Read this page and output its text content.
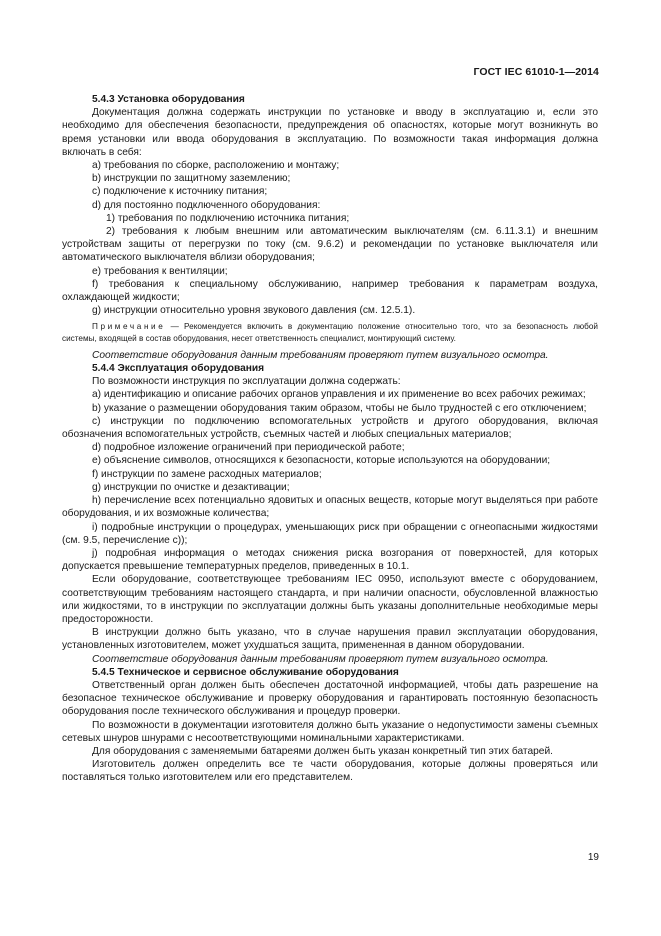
ГОСТ IEC 61010-1—2014

5.4.3 Установка оборудования

Документация должна содержать инструкции по установке и вводу в эксплуатацию и, если это необходимо для обеспечения безопасности, предупреждения об опасностях, которые могут возникнуть во время установки или ввода оборудования в эксплуатацию. По возможности такая информация должна включать в себя:

a) требования по сборке, расположению и монтажу;

b) инструкции по защитному заземлению;

c) подключение к источнику питания;

d) для постоянно подключенного оборудования:

1) требования по подключению источника питания;

2) требования к любым внешним или автоматическим выключателям (см. 6.11.3.1) и внешним устройствам защиты от перегрузки по току (см. 9.6.2) и рекомендации по установке выключателя или автоматического выключателя вблизи оборудования;

e) требования к вентиляции;

f) требования к специальному обслуживанию, например требования к параметрам воздуха, охлаждающей жидкости;

g) инструкции относительно уровня звукового давления (см. 12.5.1).

Примечание — Рекомендуется включить в документацию положение относительно того, что за безопасность любой системы, входящей в состав оборудования, несет ответственность специалист, монтирующий систему.

Соответствие оборудования данным требованиям проверяют путем визуального осмотра.

5.4.4 Эксплуатация оборудования

По возможности инструкция по эксплуатации должна содержать:

a) идентификацию и описание рабочих органов управления и их применение во всех рабочих режимах;

b) указание о размещении оборудования таким образом, чтобы не было трудностей с его отключением;

c) инструкции по подключению вспомогательных устройств и другого оборудования, включая обозначения вспомогательных устройств, съемных частей и любых специальных материалов;

d) подробное изложение ограничений при периодической работе;

e) объяснение символов, относящихся к безопасности, которые используются на оборудовании;

f) инструкции по замене расходных материалов;

g) инструкции по очистке и дезактивации;

h) перечисление всех потенциально ядовитых и опасных веществ, которые могут выделяться при работе оборудования, и их возможные количества;

i) подробные инструкции о процедурах, уменьшающих риск при обращении с огнеопасными жидкостями (см. 9.5, перечисление с));

j) подробная информация о методах снижения риска возгорания от поверхностей, для которых допускается превышение температурных пределов, приведенных в 10.1.

Если оборудование, соответствующее требованиям IEC 0950, используют вместе с оборудованием, соответствующим требованиям настоящего стандарта, и при наличии опасности, обусловленной влажностью или жидкостями, то в инструкции по эксплуатации должны быть указаны дополнительные необходимые меры предосторожности.

В инструкции должно быть указано, что в случае нарушения правил эксплуатации оборудования, установленных изготовителем, может ухудшаться защита, примененная в данном оборудовании.

Соответствие оборудования данным требованиям проверяют путем визуального осмотра.

5.4.5 Техническое и сервисное обслуживание оборудования

Ответственный орган должен быть обеспечен достаточной информацией, чтобы дать разрешение на безопасное техническое обслуживание и проверку оборудования и гарантировать постоянную безопасность оборудования после технического обслуживания и процедур проверки.

По возможности в документации изготовителя должно быть указание о недопустимости замены съемных сетевых шнуров шнурами с несоответствующими номинальными характеристиками.

Для оборудования с заменяемыми батареями должен быть указан конкретный тип этих батарей.

Изготовитель должен определить все те части оборудования, которые должны проверяться или поставляться только изготовителем или его представителем.

19
